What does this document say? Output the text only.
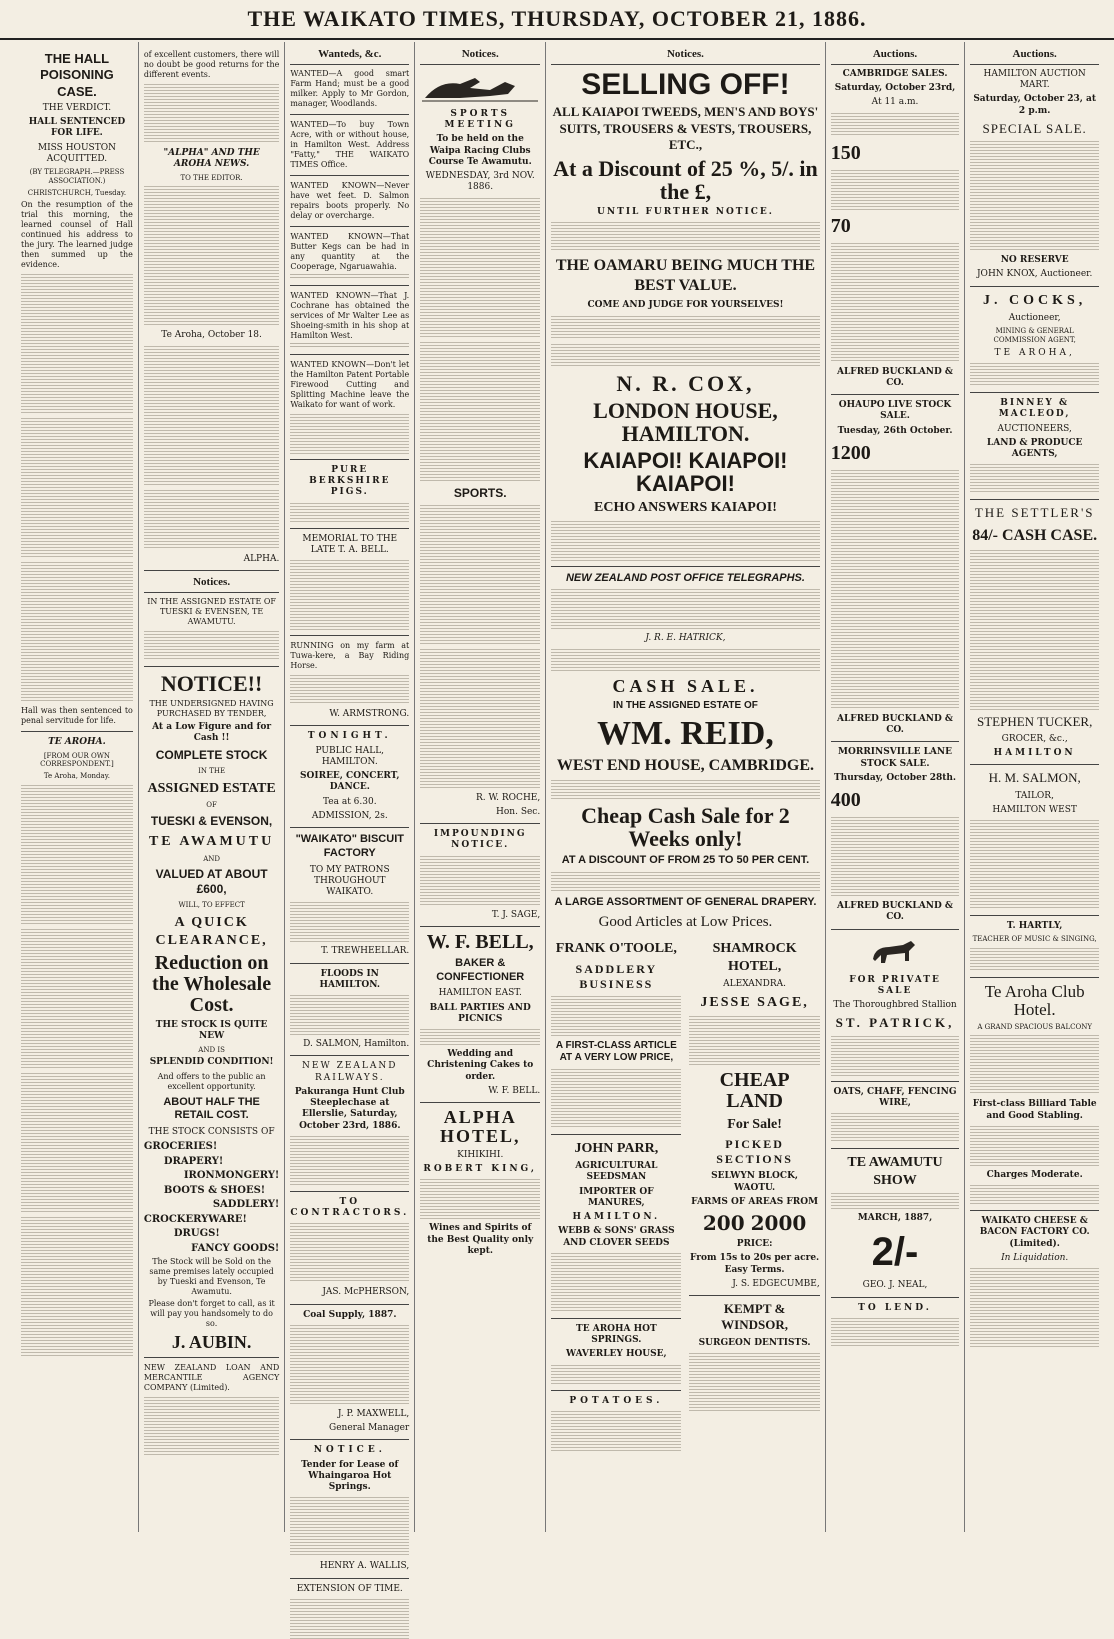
THE WAIKATO TIMES, THURSDAY, OCTOBER 21, 1886.
THE HALL POISONING CASE.
THE VERDICT.
HALL SENTENCED FOR LIFE.
MISS HOUSTON ACQUITTED.
(BY TELEGRAPH.—PRESS ASSOCIATION.)
CHRISTCHURCH, Tuesday.
On the resumption of the trial this morning, the learned counsel of Hall continued his address to the jury. The learned judge then summed up the evidence.
Hall was then sentenced to penal servitude for life.
TE AROHA.
[FROM OUR OWN CORRESPONDENT.]
Te Aroha, Monday.
of excellent customers, there will no doubt be good returns for the different events.
"ALPHA" AND THE AROHA NEWS.
TO THE EDITOR.
Te Aroha, October 18.
ALPHA.
Notices.
IN THE ASSIGNED ESTATE OF TUESKI & EVENSEN, TE AWAMUTU.
NOTICE!!
THE UNDERSIGNED HAVING PURCHASED BY TENDER,
At a Low Figure and for Cash !!
COMPLETE STOCK
IN THE
ASSIGNED ESTATE
OF
TUESKI & EVENSON,
TE AWAMUTU
AND
VALUED AT ABOUT £600,
WILL, TO EFFECT
A QUICK CLEARANCE,
Reduction on the Wholesale Cost.
THE STOCK IS QUITE NEW
AND IS
SPLENDID CONDITION!
And offers to the public an excellent opportunity.
ABOUT HALF THE RETAIL COST.
THE STOCK CONSISTS OF
GROCERIES!
DRAPERY!
IRONMONGERY!
BOOTS & SHOES!
SADDLERY!
CROCKERYWARE!
DRUGS!
FANCY GOODS!
The Stock will be Sold on the same premises lately occupied by Tueski and Evenson, Te Awamutu.
Please don't forget to call, as it will pay you handsomely to do so.
J. AUBIN.
NEW ZEALAND LOAN AND MERCANTILE AGENCY COMPANY (Limited).
Wanteds, &c.
WANTED—A good smart Farm Hand; must be a good milker. Apply to Mr Gordon, manager, Woodlands.
WANTED—To buy Town Acre, with or without house, in Hamilton West. Address "Fatty," THE WAIKATO TIMES Office.
WANTED KNOWN—Never have wet feet. D. Salmon repairs boots properly. No delay or overcharge.
WANTED KNOWN—That Butter Kegs can be had in any quantity at the Cooperage, Ngaruawahia.
WANTED KNOWN—That J. Cochrane has obtained the services of Mr Walter Lee as Shoeing-smith in his shop at Hamilton West.
WANTED KNOWN—Don't let the Hamilton Patent Portable Firewood Cutting and Splitting Machine leave the Waikato for want of work.
PURE BERKSHIRE PIGS.
MEMORIAL TO THE LATE T. A. BELL.
RUNNING on my farm at Tuwa-kere, a Bay Riding Horse.
W. ARMSTRONG.
TONIGHT.
PUBLIC HALL, HAMILTON.
SOIREE, CONCERT, DANCE.
Tea at 6.30.
ADMISSION, 2s.
"WAIKATO" BISCUIT FACTORY
TO MY PATRONS THROUGHOUT WAIKATO.
T. TREWHEELLAR.
FLOODS IN HAMILTON.
D. SALMON, Hamilton.
NEW ZEALAND RAILWAYS.
Pakuranga Hunt Club Steeplechase at Ellerslie, Saturday, October 23rd, 1886.
TO CONTRACTORS.
JAS. McPHERSON,
Coal Supply, 1887.
J. P. MAXWELL,
General Manager
NOTICE.
Tender for Lease of Whaingaroa Hot Springs.
HENRY A. WALLIS,
EXTENSION OF TIME.
Notices.
SPORTS MEETING
To be held on the Waipa Racing Clubs Course Te Awamutu.
WEDNESDAY, 3rd NOV. 1886.
SPORTS.
R. W. ROCHE,
Hon. Sec.
IMPOUNDING NOTICE.
T. J. SAGE,
W. F. BELL,
BAKER & CONFECTIONER
HAMILTON EAST.
BALL PARTIES AND PICNICS
Wedding and Christening Cakes to order.
W. F. BELL.
ALPHA HOTEL,
KIHIKIHI.
ROBERT KING,
Wines and Spirits of the Best Quality only kept.
Notices.
SELLING OFF!
ALL KAIAPOI TWEEDS, MEN'S AND BOYS' SUITS, TROUSERS & VESTS, TROUSERS, ETC.,
At a Discount of 25 %, 5/. in the £,
UNTIL FURTHER NOTICE.
THE OAMARU BEING MUCH THE BEST VALUE.
COME AND JUDGE FOR YOURSELVES!
N. R. COX,
LONDON HOUSE, HAMILTON.
KAIAPOI! KAIAPOI! KAIAPOI!
ECHO ANSWERS KAIAPOI!
NEW ZEALAND POST OFFICE TELEGRAPHS.
J. R. E. HATRICK,
CASH SALE.
IN THE ASSIGNED ESTATE OF
WM. REID,
WEST END HOUSE, CAMBRIDGE.
Cheap Cash Sale for 2 Weeks only!
AT A DISCOUNT OF FROM 25 TO 50 PER CENT.
A LARGE ASSORTMENT OF GENERAL DRAPERY.
Good Articles at Low Prices.
FRANK O'TOOLE,
SADDLERY BUSINESS
A FIRST-CLASS ARTICLE AT A VERY LOW PRICE,
JOHN PARR,
AGRICULTURAL SEEDSMAN
IMPORTER OF MANURES,
HAMILTON.
WEBB & SONS' GRASS AND CLOVER SEEDS
TE AROHA HOT SPRINGS.
WAVERLEY HOUSE,
POTATOES.
SHAMROCK HOTEL,
ALEXANDRA.
JESSE SAGE,
CHEAP LAND
For Sale!
PICKED SECTIONS
SELWYN BLOCK, WAOTU.
FARMS OF AREAS FROM
200 2000
PRICE:
From 15s to 20s per acre. Easy Terms.
J. S. EDGECUMBE,
KEMPT & WINDSOR,
SURGEON DENTISTS.
Auctions.
CAMBRIDGE SALES.
Saturday, October 23rd,
At 11 a.m.
150
70
ALFRED BUCKLAND & CO.
OHAUPO LIVE STOCK SALE.
Tuesday, 26th October.
1200
ALFRED BUCKLAND & CO.
MORRINSVILLE LANE STOCK SALE.
Thursday, October 28th.
400
ALFRED BUCKLAND & CO.
FOR PRIVATE SALE
The Thoroughbred Stallion
ST. PATRICK,
OATS, CHAFF, FENCING WIRE,
TE AWAMUTU SHOW
MARCH, 1887,
2/-
GEO. J. NEAL,
TO LEND.
Auctions.
HAMILTON AUCTION MART.
Saturday, October 23, at 2 p.m.
SPECIAL SALE.
NO RESERVE
JOHN KNOX, Auctioneer.
J. COCKS,
Auctioneer,
MINING & GENERAL COMMISSION AGENT,
TE AROHA,
BINNEY & MACLEOD,
AUCTIONEERS,
LAND & PRODUCE AGENTS,
THE SETTLER'S
84/- CASH CASE.
STEPHEN TUCKER,
GROCER, &c.,
HAMILTON
H. M. SALMON,
TAILOR,
HAMILTON WEST
T. HARTLY,
TEACHER OF MUSIC & SINGING,
Te Aroha Club Hotel.
A GRAND SPACIOUS BALCONY
First-class Billiard Table and Good Stabling.
Charges Moderate.
WAIKATO CHEESE & BACON FACTORY CO. (Limited).
In Liquidation.
